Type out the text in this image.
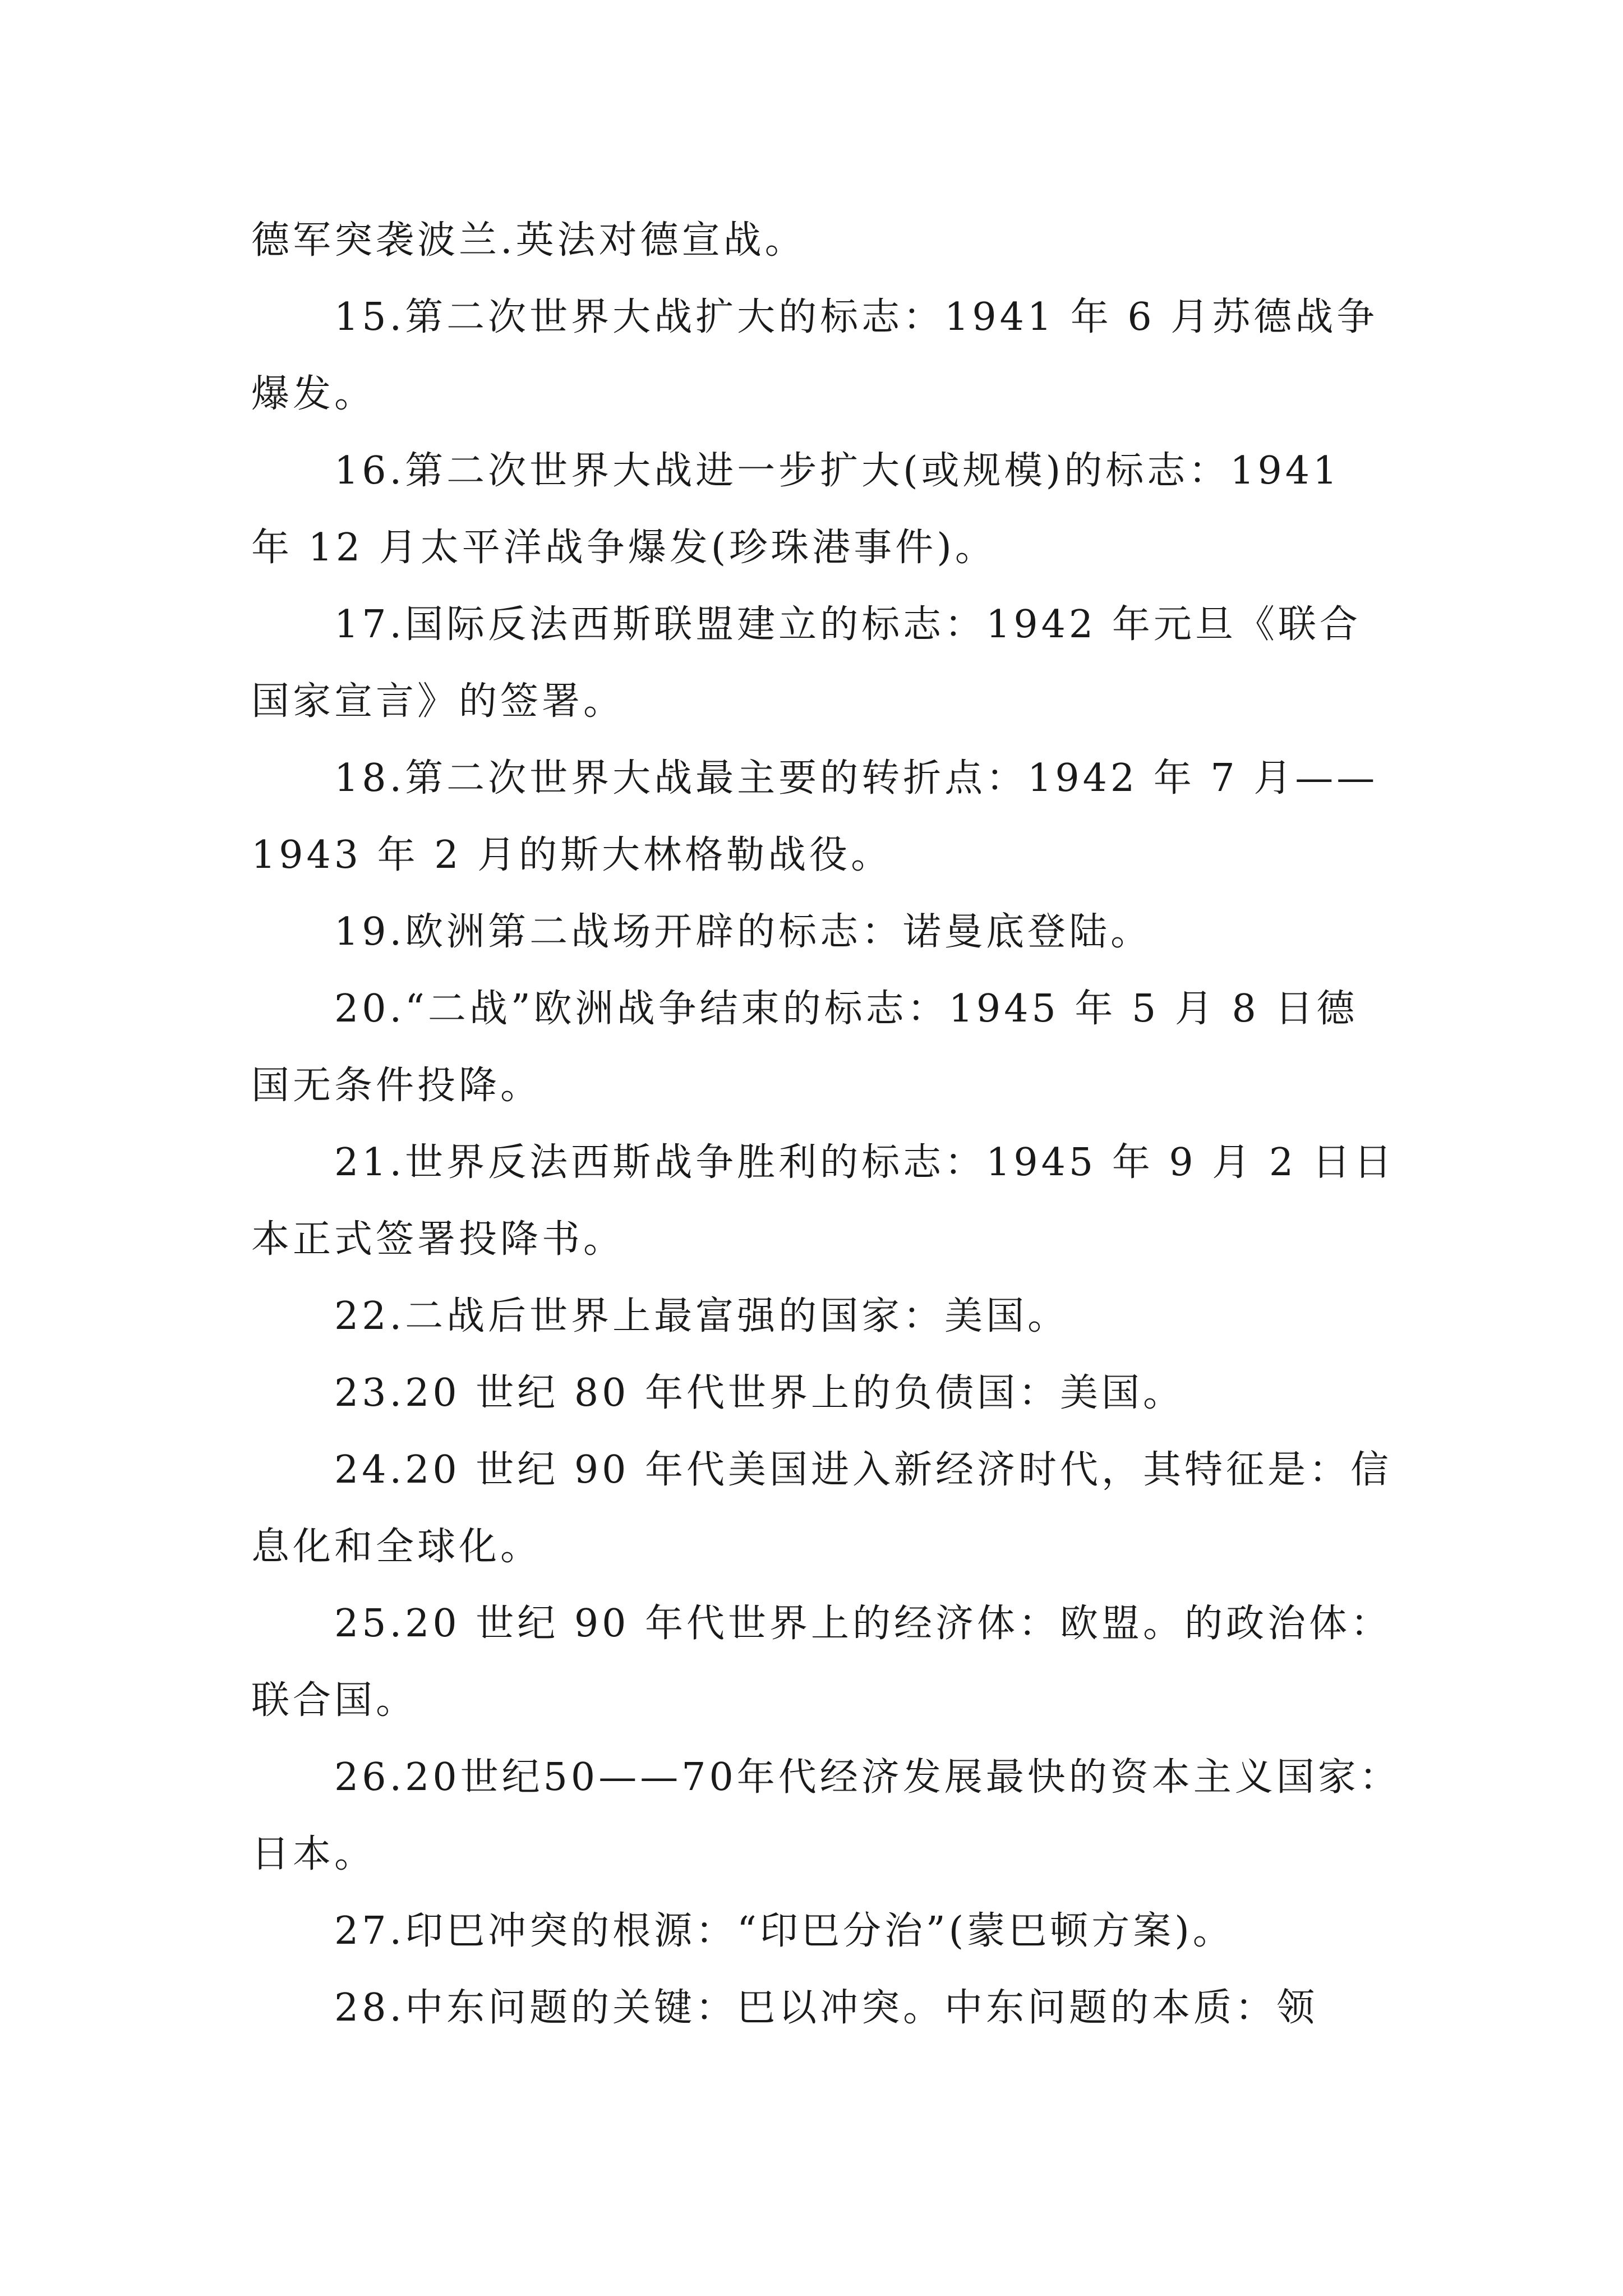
德军突袭波兰.英法对德宣战。
15.第二次世界大战扩大的标志：1941 年 6 月苏德战争
爆发。
16.第二次世界大战进一步扩大(或规模)的标志：1941
年 12 月太平洋战争爆发(珍珠港事件)。
17.国际反法西斯联盟建立的标志：1942 年元旦《联合
国家宣言》的签署。
18.第二次世界大战最主要的转折点：1942 年 7 月——
1943 年 2 月的斯大林格勒战役。
19.欧洲第二战场开辟的标志：诺曼底登陆。
20.“二战”欧洲战争结束的标志：1945 年 5 月 8 日德
国无条件投降。
21.世界反法西斯战争胜利的标志：1945 年 9 月 2 日日
本正式签署投降书。
22.二战后世界上最富强的国家：美国。
23.20 世纪 80 年代世界上的负债国：美国。
24.20 世纪 90 年代美国进入新经济时代，其特征是：信
息化和全球化。
25.20 世纪 90 年代世界上的经济体：欧盟。的政治体：
联合国。
26.20世纪50——70年代经济发展最快的资本主义国家：
日本。
27.印巴冲突的根源：“印巴分治”(蒙巴顿方案)。
28.中东问题的关键：巴以冲突。中东问题的本质：领
